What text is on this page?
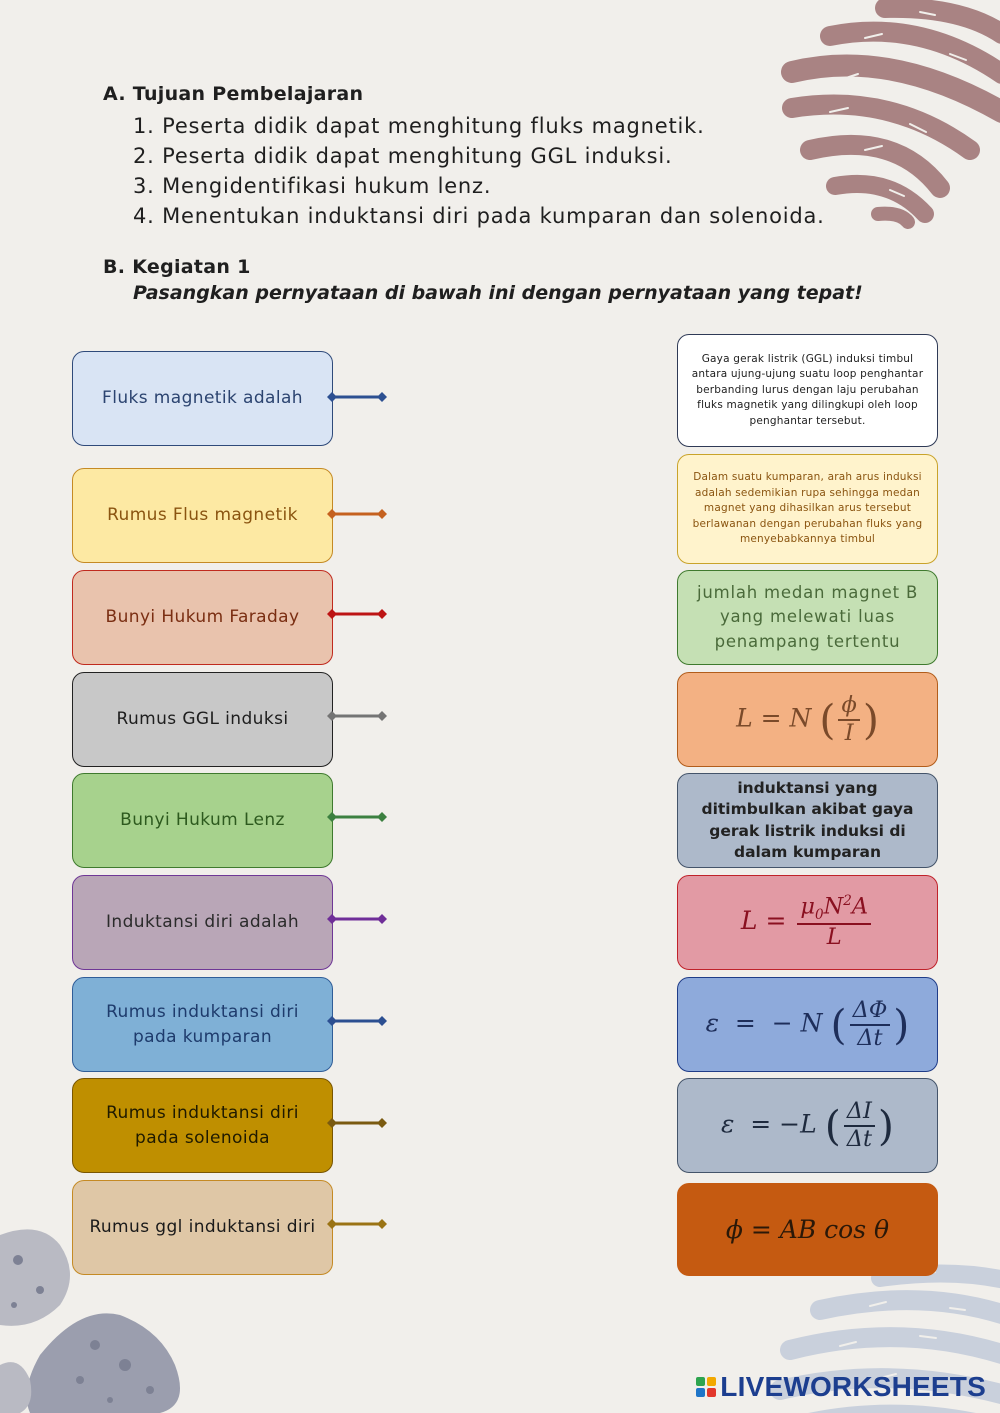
A. Tujuan Pembelajaran
1. Peserta didik dapat menghitung fluks magnetik.
2. Peserta didik dapat menghitung GGL induksi.
3. Mengidentifikasi hukum lenz.
4. Menentukan induktansi diri pada kumparan dan solenoida.
B. Kegiatan 1

Pasangkan pernyataan di bawah ini dengan pernyataan yang tepat!

Fluks magnetik adalah
Rumus Flus magnetik
Bunyi Hukum Faraday
Rumus GGL induksi
Bunyi Hukum Lenz
Induktansi diri adalah
Rumus induktansi diri pada kumparan
Rumus induktansi diri pada solenoida
Rumus ggl induktansi diri
Gaya gerak listrik (GGL) induksi timbul antara ujung-ujung suatu loop penghantar berbanding lurus dengan laju perubahan fluks magnetik yang dilingkupi oleh loop penghantar tersebut.
Dalam suatu kumparan, arah arus induksi adalah sedemikian rupa sehingga medan magnet yang dihasilkan arus tersebut berlawanan dengan perubahan fluks yang menyebabkannya timbul
jumlah medan magnet B yang melewati luas penampang tertentu
L = N ( $\frac{\phi}{I}$ )
induktansi yang ditimbulkan akibat gaya gerak listrik induksi di dalam kumparan
$L = \frac{\mu_0N^2A}{L}$
ε  =  − N ( $\frac{\Delta\Phi}{\Delta t}$ )
ε  = −L ( $\frac{\Delta I}{\Delta t}$ )
ϕ = AB cos θ
LIVEWORKSHEETS
